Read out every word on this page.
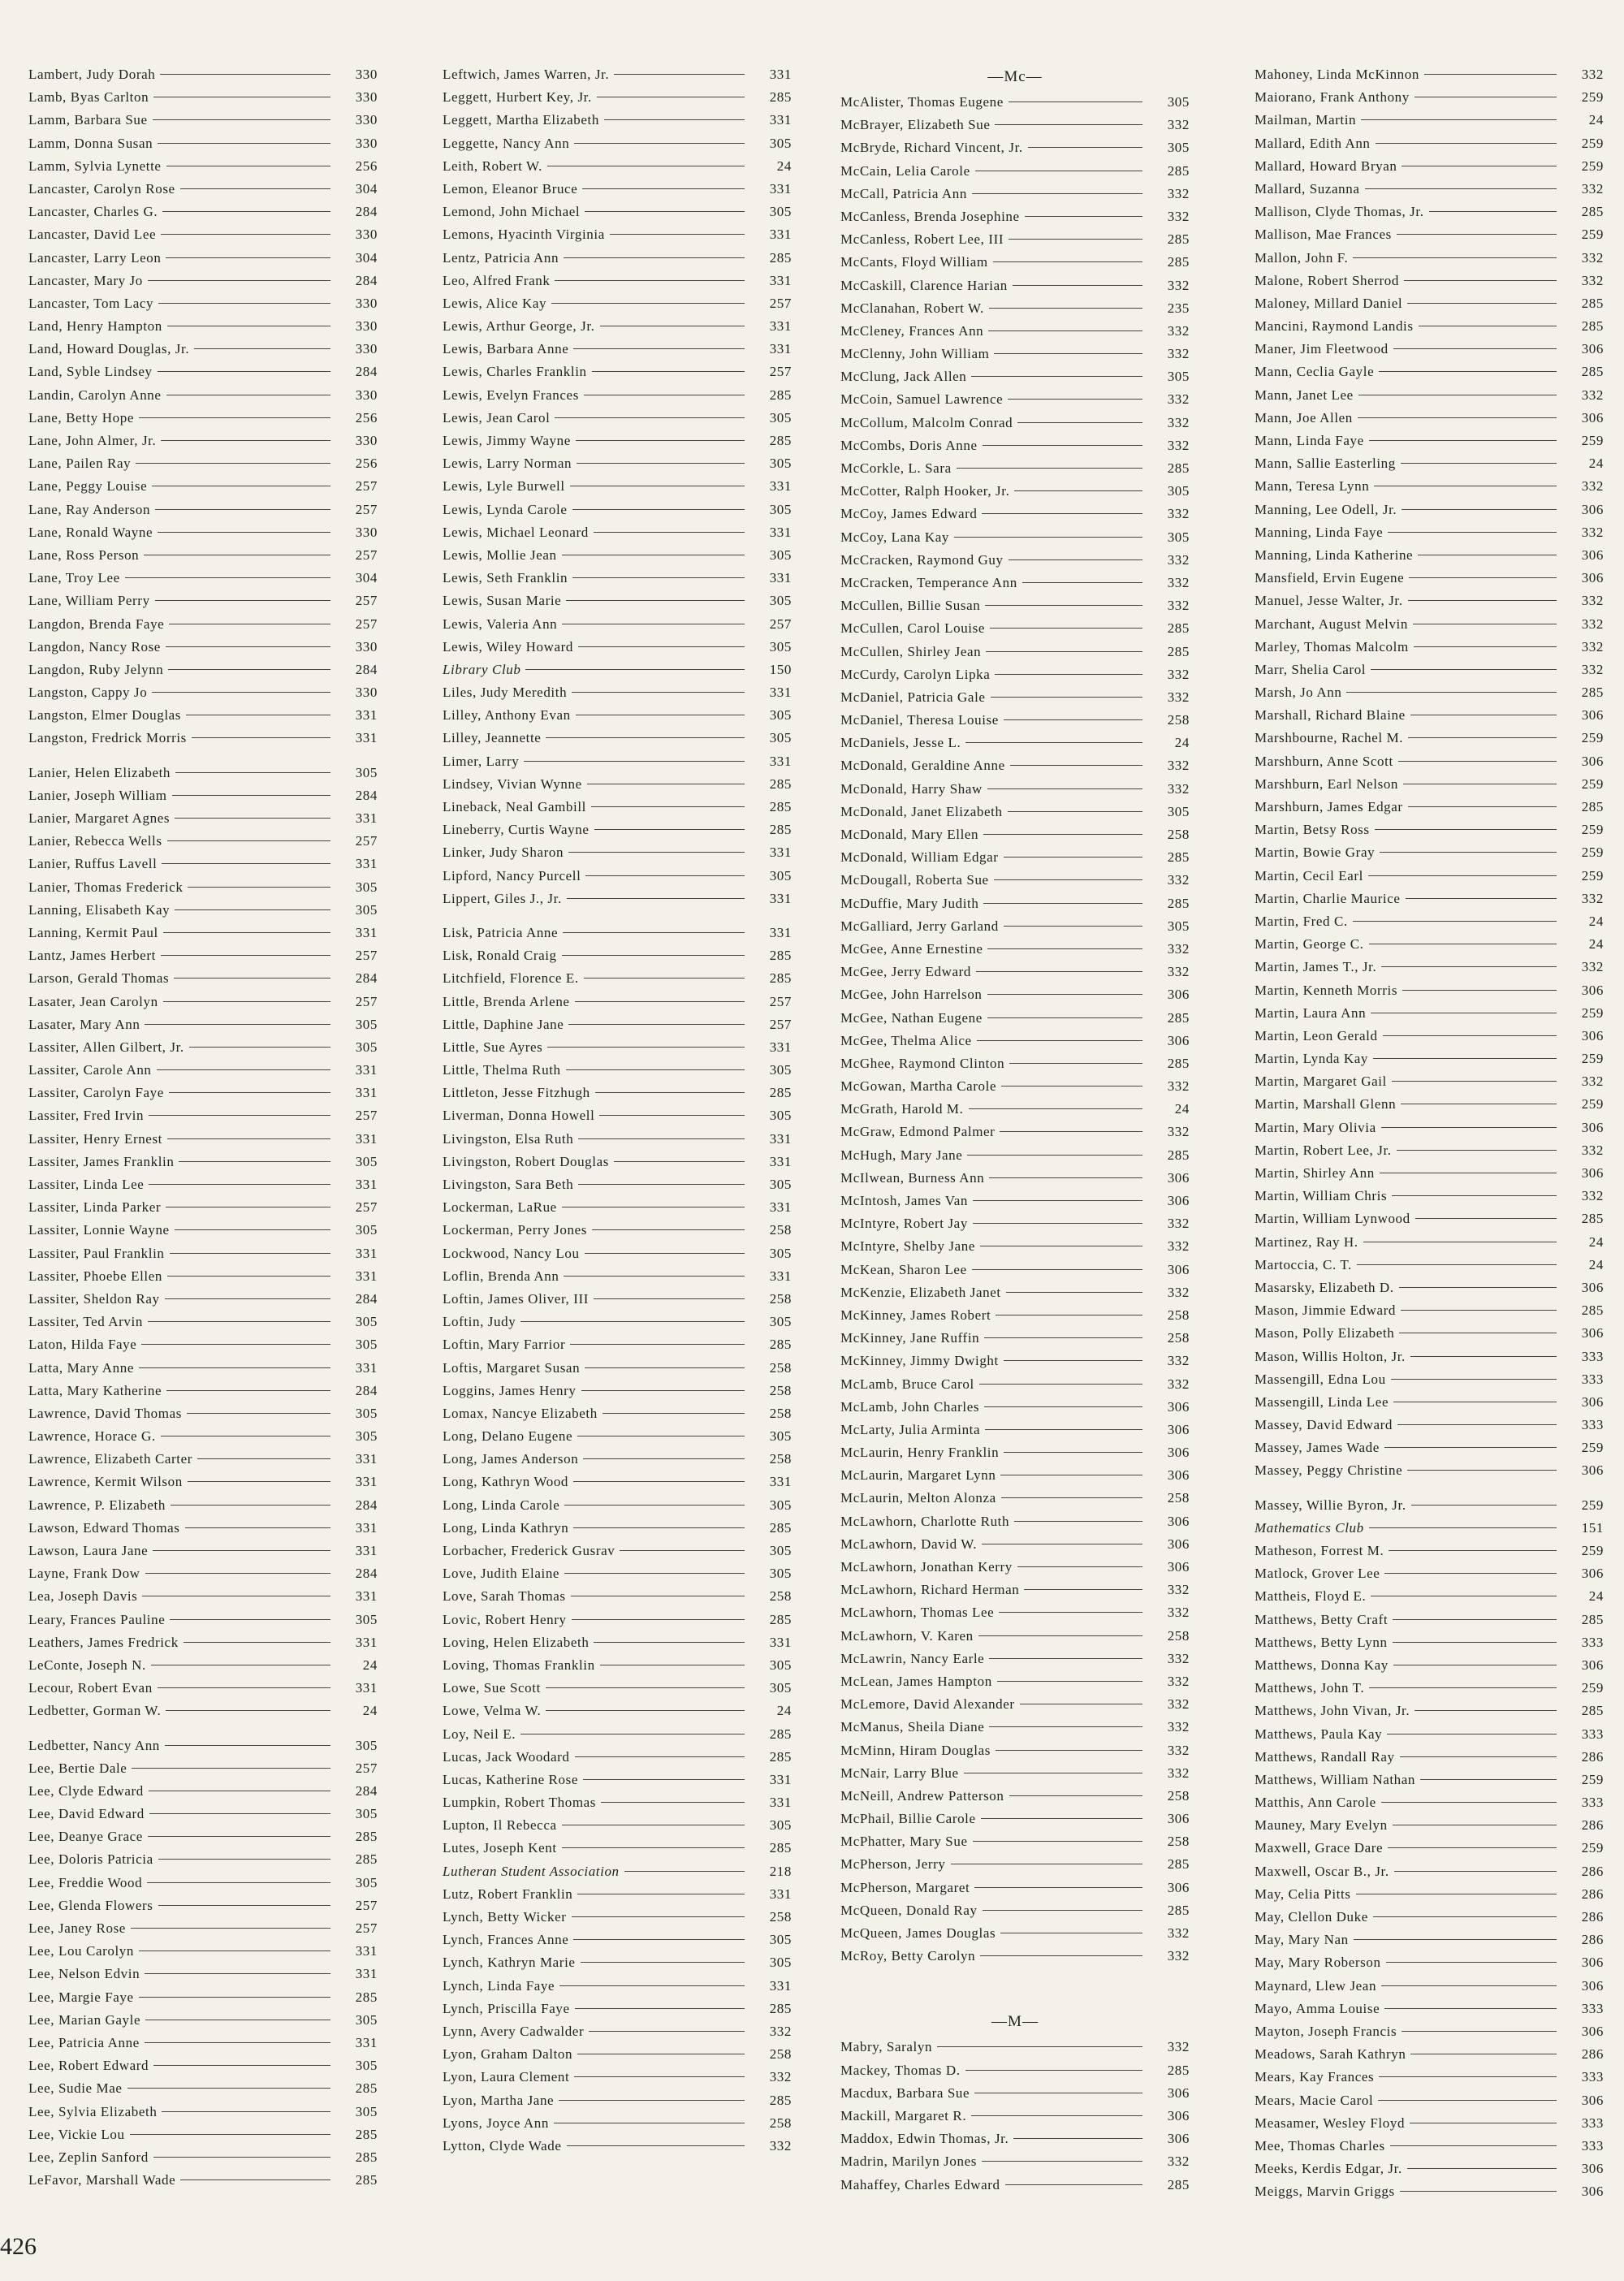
Lambert, Judy Dorah	330
Lamb, Byas Carlton	330
Lamm, Barbara Sue	330
Lamm, Donna Susan	330
Lamm, Sylvia Lynette	256
Lancaster, Carolyn Rose	304
Lancaster, Charles G.	284
Lancaster, David Lee	330
Lancaster, Larry Leon	304
Lancaster, Mary Jo	284
Lancaster, Tom Lacy	330
Land, Henry Hampton	330
Land, Howard Douglas, Jr.	330
Land, Syble Lindsey	284
Landin, Carolyn Anne	330
Lane, Betty Hope	256
Lane, John Almer, Jr.	330
Lane, Pailen Ray	256
Lane, Peggy Louise	257
Lane, Ray Anderson	257
Lane, Ronald Wayne	330
Lane, Ross Person	257
Lane, Troy Lee	304
Lane, William Perry	257
Langdon, Brenda Faye	257
Langdon, Nancy Rose	330
Langdon, Ruby Jelynn	284
Langston, Cappy Jo	330
Langston, Elmer Douglas	331
Langston, Fredrick Morris	331
Lanier, Helen Elizabeth	305
Lanier, Joseph William	284
Lanier, Margaret Agnes	331
Lanier, Rebecca Wells	257
Lanier, Ruffus Lavell	331
Lanier, Thomas Frederick	305
Lanning, Elisabeth Kay	305
Lanning, Kermit Paul	331
Lantz, James Herbert	257
Larson, Gerald Thomas	284
Lasater, Jean Carolyn	257
Lasater, Mary Ann	305
Lassiter, Allen Gilbert, Jr.	305
Lassiter, Carole Ann	331
Lassiter, Carolyn Faye	331
Lassiter, Fred Irvin	257
Lassiter, Henry Ernest	331
Lassiter, James Franklin	305
Lassiter, Linda Lee	331
Lassiter, Linda Parker	257
Lassiter, Lonnie Wayne	305
Lassiter, Paul Franklin	331
Lassiter, Phoebe Ellen	331
Lassiter, Sheldon Ray	284
Lassiter, Ted Arvin	305
Laton, Hilda Faye	305
Latta, Mary Anne	331
Latta, Mary Katherine	284
Lawrence, David Thomas	305
Lawrence, Horace G.	305
Lawrence, Elizabeth Carter	331
Lawrence, Kermit Wilson	331
Lawrence, P. Elizabeth	284
Lawson, Edward Thomas	331
Lawson, Laura Jane	331
Layne, Frank Dow	284
Lea, Joseph Davis	331
Leary, Frances Pauline	305
Leathers, James Fredrick	331
LeConte, Joseph N.	24
Lecour, Robert Evan	331
Ledbetter, Gorman W.	24
Ledbetter, Nancy Ann	305
Lee, Bertie Dale	257
Lee, Clyde Edward	284
Lee, David Edward	305
Lee, Deanye Grace	285
Lee, Doloris Patricia	285
Lee, Freddie Wood	305
Lee, Glenda Flowers	257
Lee, Janey Rose	257
Lee, Lou Carolyn	331
Lee, Nelson Edvin	331
Lee, Margie Faye	285
Lee, Marian Gayle	305
Lee, Patricia Anne	331
Lee, Robert Edward	305
Lee, Sudie Mae	285
Lee, Sylvia Elizabeth	305
Lee, Vickie Lou	285
Lee, Zeplin Sanford	285
LeFavor, Marshall Wade	285
Leftwich, James Warren, Jr.	331
Leggett, Hurbert Key, Jr.	285
Leggett, Martha Elizabeth	331
Leggette, Nancy Ann	305
Leith, Robert W.	24
Lemon, Eleanor Bruce	331
Lemond, John Michael	305
Lemons, Hyacinth Virginia	331
Lentz, Patricia Ann	285
Leo, Alfred Frank	331
Lewis, Alice Kay	257
Lewis, Arthur George, Jr.	331
Lewis, Barbara Anne	331
Lewis, Charles Franklin	257
Lewis, Evelyn Frances	285
Lewis, Jean Carol	305
Lewis, Jimmy Wayne	285
Lewis, Larry Norman	305
Lewis, Lyle Burwell	331
Lewis, Lynda Carole	305
Lewis, Michael Leonard	331
Lewis, Mollie Jean	305
Lewis, Seth Franklin	331
Lewis, Susan Marie	305
Lewis, Valeria Ann	257
Lewis, Wiley Howard	305
Library Club	150
Liles, Judy Meredith	331
Lilley, Anthony Evan	305
Lilley, Jeannette	305
Limer, Larry	331
Lindsey, Vivian Wynne	285
Lineback, Neal Gambill	285
Lineberry, Curtis Wayne	285
Linker, Judy Sharon	331
Lipford, Nancy Purcell	305
Lippert, Giles J., Jr.	331
Lisk, Patricia Anne	331
Lisk, Ronald Craig	285
Litchfield, Florence E.	285
Little, Brenda Arlene	257
Little, Daphine Jane	257
Little, Sue Ayres	331
Little, Thelma Ruth	305
Littleton, Jesse Fitzhugh	285
Liverman, Donna Howell	305
Livingston, Elsa Ruth	331
Livingston, Robert Douglas	331
Livingston, Sara Beth	305
Lockerman, LaRue	331
Lockerman, Perry Jones	258
Lockwood, Nancy Lou	305
Loflin, Brenda Ann	331
Loftin, James Oliver, III	258
Loftin, Judy	305
Loftin, Mary Farrior	285
Loftis, Margaret Susan	258
Loggins, James Henry	258
Lomax, Nancye Elizabeth	258
Long, Delano Eugene	305
Long, James Anderson	258
Long, Kathryn Wood	331
Long, Linda Carole	305
Long, Linda Kathryn	285
Lorbacher, Frederick Gusrav	305
Love, Judith Elaine	305
Love, Sarah Thomas	258
Lovic, Robert Henry	285
Loving, Helen Elizabeth	331
Loving, Thomas Franklin	305
Lowe, Sue Scott	305
Lowe, Velma W.	24
Loy, Neil E.	285
Lucas, Jack Woodard	285
Lucas, Katherine Rose	331
Lumpkin, Robert Thomas	331
Lupton, Il Rebecca	305
Lutes, Joseph Kent	285
Lutheran Student Association	218
Lutz, Robert Franklin	331
Lynch, Betty Wicker	258
Lynch, Frances Anne	305
Lynch, Kathryn Marie	305
Lynch, Linda Faye	331
Lynch, Priscilla Faye	285
Lynn, Avery Cadwalder	332
Lyon, Graham Dalton	258
Lyon, Laura Clement	332
Lyon, Martha Jane	285
Lyons, Joyce Ann	258
Lytton, Clyde Wade	332
—Mc—
McAlister, Thomas Eugene	305
McBrayer, Elizabeth Sue	332
McBryde, Richard Vincent, Jr.	305
McCain, Lelia Carole	285
McCall, Patricia Ann	332
McCanless, Brenda Josephine	332
McCanless, Robert Lee, III	285
McCants, Floyd William	285
McCaskill, Clarence Harian	332
McClanahan, Robert W.	235
McCleney, Frances Ann	332
McClenny, John William	332
McClung, Jack Allen	305
McCoin, Samuel Lawrence	332
McCollum, Malcolm Conrad	332
McCombs, Doris Anne	332
McCorkle, L. Sara	285
McCotter, Ralph Hooker, Jr.	305
McCoy, James Edward	332
McCoy, Lana Kay	305
McCracken, Raymond Guy	332
McCracken, Temperance Ann	332
McCullen, Billie Susan	332
McCullen, Carol Louise	285
McCullen, Shirley Jean	285
McCurdy, Carolyn Lipka	332
McDaniel, Patricia Gale	332
McDaniel, Theresa Louise	258
McDaniels, Jesse L.	24
McDonald, Geraldine Anne	332
McDonald, Harry Shaw	332
McDonald, Janet Elizabeth	305
McDonald, Mary Ellen	258
McDonald, William Edgar	285
McDougall, Roberta Sue	332
McDuffie, Mary Judith	285
McGalliard, Jerry Garland	305
McGee, Anne Ernestine	332
McGee, Jerry Edward	332
McGee, John Harrelson	306
McGee, Nathan Eugene	285
McGee, Thelma Alice	306
McGhee, Raymond Clinton	285
McGowan, Martha Carole	332
McGrath, Harold M.	24
McGraw, Edmond Palmer	332
McHugh, Mary Jane	285
McIlwean, Burness Ann	306
McIntosh, James Van	306
McIntyre, Robert Jay	332
McIntyre, Shelby Jane	332
McKean, Sharon Lee	306
McKenzie, Elizabeth Janet	332
McKinney, James Robert	258
McKinney, Jane Ruffin	258
McKinney, Jimmy Dwight	332
McLamb, Bruce Carol	332
McLamb, John Charles	306
McLarty, Julia Arminta	306
McLaurin, Henry Franklin	306
McLaurin, Margaret Lynn	306
McLaurin, Melton Alonza	258
McLawhorn, Charlotte Ruth	306
McLawhorn, David W.	306
McLawhorn, Jonathan Kerry	306
McLawhorn, Richard Herman	332
McLawhorn, Thomas Lee	332
McLawhorn, V. Karen	258
McLawrin, Nancy Earle	332
McLean, James Hampton	332
McLemore, David Alexander	332
McManus, Sheila Diane	332
McMinn, Hiram Douglas	332
McNair, Larry Blue	332
McNeill, Andrew Patterson	258
McPhail, Billie Carole	306
McPhatter, Mary Sue	258
McPherson, Jerry	285
McPherson, Margaret	306
McQueen, Donald Ray	285
McQueen, James Douglas	332
McRoy, Betty Carolyn	332
—M—
Mabry, Saralyn	332
Mackey, Thomas D.	285
Macdux, Barbara Sue	306
Mackill, Margaret R.	306
Maddox, Edwin Thomas, Jr.	306
Madrin, Marilyn Jones	332
Mahaffey, Charles Edward	285
Mahoney, Linda McKinnon	332
Maiorano, Frank Anthony	259
Mailman, Martin	24
Mallard, Edith Ann	259
Mallard, Howard Bryan	259
Mallard, Suzanna	332
Mallison, Clyde Thomas, Jr.	285
Mallison, Mae Frances	259
Mallon, John F.	332
Malone, Robert Sherrod	332
Maloney, Millard Daniel	285
Mancini, Raymond Landis	285
Maner, Jim Fleetwood	306
Mann, Ceclia Gayle	285
Mann, Janet Lee	332
Mann, Joe Allen	306
Mann, Linda Faye	259
Mann, Sallie Easterling	24
Mann, Teresa Lynn	332
Manning, Lee Odell, Jr.	306
Manning, Linda Faye	332
Manning, Linda Katherine	306
Mansfield, Ervin Eugene	306
Manuel, Jesse Walter, Jr.	332
Marchant, August Melvin	332
Marley, Thomas Malcolm	332
Marr, Shelia Carol	332
Marsh, Jo Ann	285
Marshall, Richard Blaine	306
Marshbourne, Rachel M.	259
Marshburn, Anne Scott	306
Marshburn, Earl Nelson	259
Marshburn, James Edgar	285
Martin, Betsy Ross	259
Martin, Bowie Gray	259
Martin, Cecil Earl	259
Martin, Charlie Maurice	332
Martin, Fred C.	24
Martin, George C.	24
Martin, James T., Jr.	332
Martin, Kenneth Morris	306
Martin, Laura Ann	259
Martin, Leon Gerald	306
Martin, Lynda Kay	259
Martin, Margaret Gail	332
Martin, Marshall Glenn	259
Martin, Mary Olivia	306
Martin, Robert Lee, Jr.	332
Martin, Shirley Ann	306
Martin, William Chris	332
Martin, William Lynwood	285
Martinez, Ray H.	24
Martoccia, C. T.	24
Masarsky, Elizabeth D.	306
Mason, Jimmie Edward	285
Mason, Polly Elizabeth	306
Mason, Willis Holton, Jr.	333
Massengill, Edna Lou	333
Massengill, Linda Lee	306
Massey, David Edward	333
Massey, James Wade	259
Massey, Peggy Christine	306
Massey, Willie Byron, Jr.	259
Mathematics Club	151
Matheson, Forrest M.	259
Matlock, Grover Lee	306
Mattheis, Floyd E.	24
Matthews, Betty Craft	285
Matthews, Betty Lynn	333
Matthews, Donna Kay	306
Matthews, John T.	259
Matthews, John Vivan, Jr.	285
Matthews, Paula Kay	333
Matthews, Randall Ray	286
Matthews, William Nathan	259
Matthis, Ann Carole	333
Mauney, Mary Evelyn	286
Maxwell, Grace Dare	259
Maxwell, Oscar B., Jr.	286
May, Celia Pitts	286
May, Clellon Duke	286
May, Mary Nan	286
May, Mary Roberson	306
Maynard, Llew Jean	306
Mayo, Amma Louise	333
Mayton, Joseph Francis	306
Meadows, Sarah Kathryn	286
Mears, Kay Frances	333
Mears, Macie Carol	306
Measamer, Wesley Floyd	333
Mee, Thomas Charles	333
Meeks, Kerdis Edgar, Jr.	306
Meiggs, Marvin Griggs	306
426
